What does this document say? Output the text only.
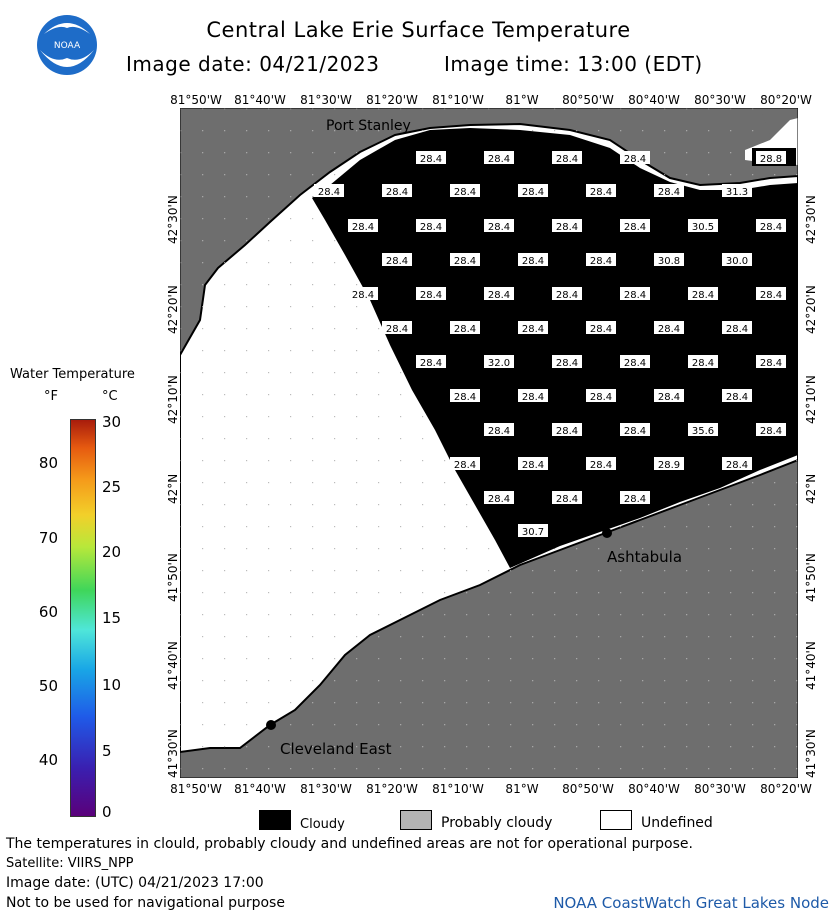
NOAA
Central Lake Erie Surface Temperature
Image date: 04/21/2023	Image time: 13:00 (EDT)
81°50'W 81°40'W 81°30'W 81°20'W 81°10'W 81°W 80°50'W 80°40'W 80°30'W 80°20'W
81°50'W 81°40'W 81°30'W 81°20'W 81°10'W 81°W 80°50'W 80°40'W 80°30'W 80°20'W
42°30'N
42°20'N
42°10'N
42°N
41°50'N
41°40'N
41°30'N
42°30'N
42°20'N
42°10'N
42°N
41°50'N
41°40'N
41°30'N
Port Stanley
Ashtabula
Cleveland East
28.4	28.4	28.4	28.4	28.8
28.4	28.4	28.4	28.4	28.4	28.4	31.3
28.4	28.4	28.4	28.4	28.4	30.5	28.4
28.4	28.4	28.4	28.4	30.8	30.0
28.4	28.4	28.4	28.4	28.4	28.4	28.4
28.4	28.4	28.4	28.4	28.4	28.4
28.4	32.0	28.4	28.4	28.4	28.4
28.4	28.4	28.4	28.4	28.4
28.4	28.4	28.4	35.6	28.4
28.4	28.4	28.4	28.9	28.4
28.4	28.4	28.4
30.7
Water Temperature
°F	°C
80
70
60
50
40
30
25
20
15
10
5
0
Cloudy	Probably cloudy	Undefined
The temperatures in clould, probably cloudy and undefined areas are not for operational purpose.
Satellite: VIIRS_NPP
Image date: (UTC) 04/21/2023 17:00
Not to be used for navigational purpose	NOAA CoastWatch Great Lakes Node
